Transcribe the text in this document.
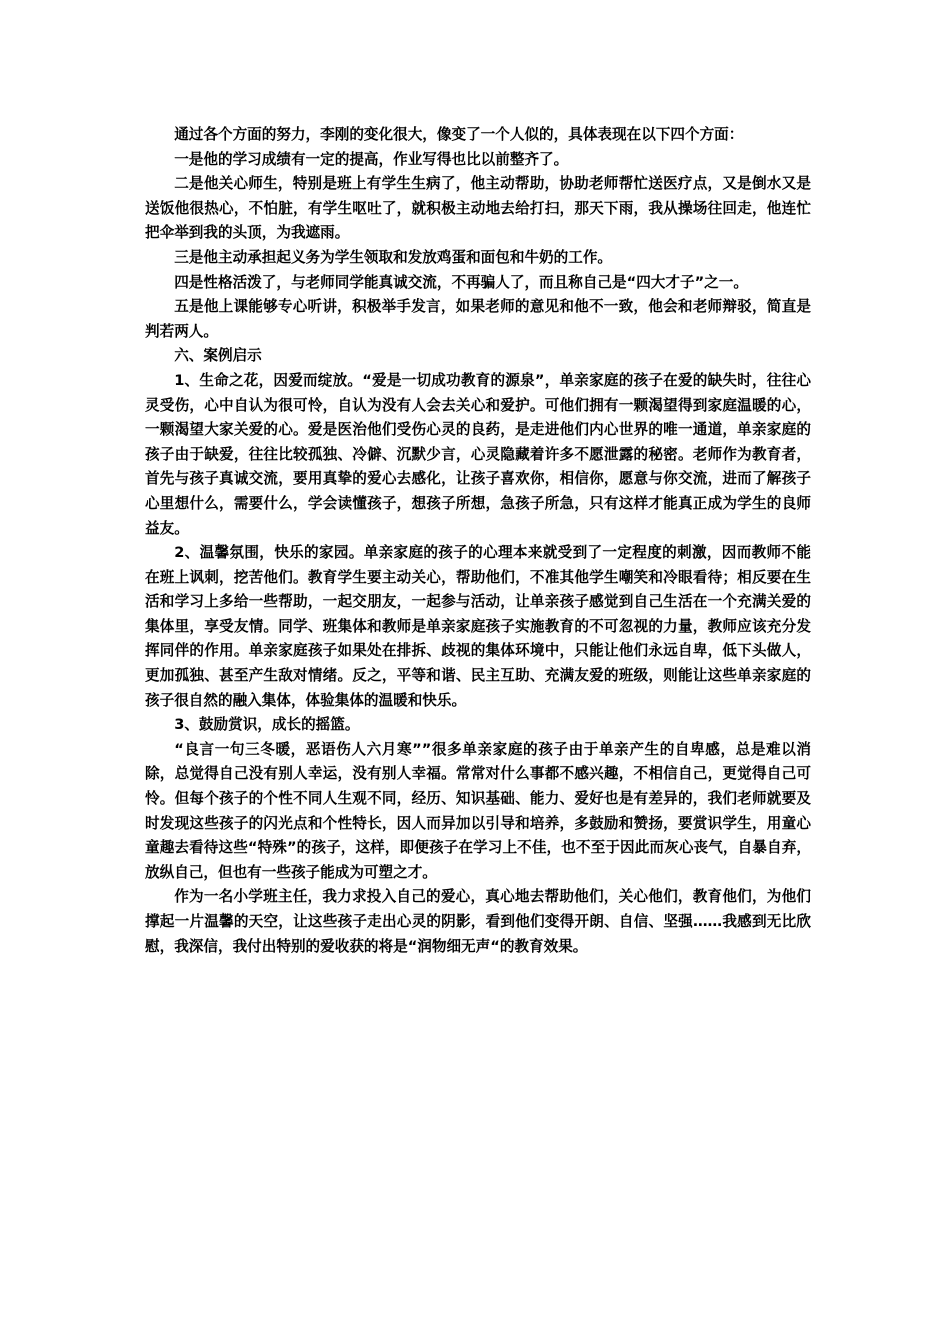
通过各个方面的努力，李刚的变化很大，像变了一个人似的，具体表现在以下四个方面：

一是他的学习成绩有一定的提高，作业写得也比以前整齐了。

二是他关心师生，特别是班上有学生生病了，他主动帮助，协助老师帮忙送医疗点，又是倒水又是送饭他很热心，不怕脏，有学生呕吐了，就积极主动地去给打扫，那天下雨，我从操场往回走，他连忙把伞举到我的头顶，为我遮雨。

三是他主动承担起义务为学生领取和发放鸡蛋和面包和牛奶的工作。

四是性格活泼了，与老师同学能真诚交流，不再骗人了，而且称自己是“四大才子”之一。

五是他上课能够专心听讲，积极举手发言，如果老师的意见和他不一致，他会和老师辩驳，简直是判若两人。

六、案例启示

1、生命之花，因爱而绽放。“爱是一切成功教育的源泉”，单亲家庭的孩子在爱的缺失时，往往心灵受伤，心中自认为很可怜，自认为没有人会去关心和爱护。可他们拥有一颗渴望得到家庭温暖的心，一颗渴望大家关爱的心。爱是医治他们受伤心灵的良药，是走进他们内心世界的唯一通道，单亲家庭的孩子由于缺爱，往往比较孤独、冷僻、沉默少言，心灵隐藏着许多不愿泄露的秘密。老师作为教育者，首先与孩子真诚交流，要用真挚的爱心去感化，让孩子喜欢你，相信你，愿意与你交流，进而了解孩子心里想什么，需要什么，学会读懂孩子，想孩子所想，急孩子所急，只有这样才能真正成为学生的良师益友。

2、温馨氛围，快乐的家园。单亲家庭的孩子的心理本来就受到了一定程度的刺激，因而教师不能在班上讽刺，挖苦他们。教育学生要主动关心，帮助他们，不准其他学生嘲笑和冷眼看待；相反要在生活和学习上多给一些帮助，一起交朋友，一起参与活动，让单亲孩子感觉到自己生活在一个充满关爱的集体里，享受友情。同学、班集体和教师是单亲家庭孩子实施教育的不可忽视的力量，教师应该充分发挥同伴的作用。单亲家庭孩子如果处在排拆、歧视的集体环境中，只能让他们永远自卑，低下头做人，更加孤独、甚至产生敌对情绪。反之，平等和谐、民主互助、充满友爱的班级，则能让这些单亲家庭的孩子很自然的融入集体，体验集体的温暖和快乐。

3、鼓励赏识，成长的摇篮。

“良言一句三冬暖，恶语伤人六月寒””很多单亲家庭的孩子由于单亲产生的自卑感，总是难以消除，总觉得自己没有别人幸运，没有别人幸福。常常对什么事都不感兴趣，不相信自己，更觉得自己可怜。但每个孩子的个性不同人生观不同，经历、知识基础、能力、爱好也是有差异的，我们老师就要及时发现这些孩子的闪光点和个性特长，因人而异加以引导和培养，多鼓励和赞扬，要赏识学生，用童心童趣去看待这些“特殊”的孩子，这样，即便孩子在学习上不佳，也不至于因此而灰心丧气，自暴自弃，放纵自己，但也有一些孩子能成为可塑之才。

作为一名小学班主任，我力求投入自己的爱心，真心地去帮助他们，关心他们，教育他们，为他们撑起一片温馨的天空，让这些孩子走出心灵的阴影，看到他们变得开朗、自信、坚强……我感到无比欣慰，我深信，我付出特别的爱收获的将是“润物细无声“的教育效果。
